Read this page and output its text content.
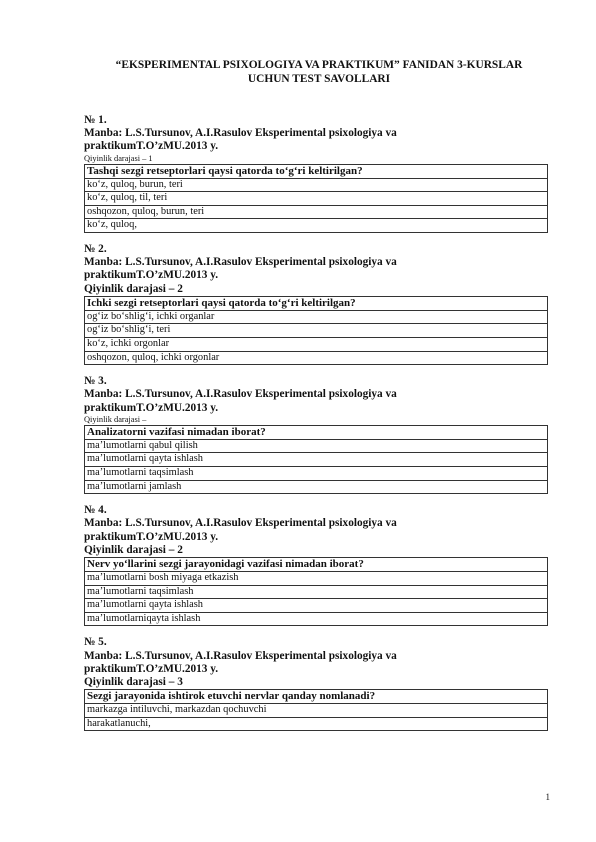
“EKSPERIMENTAL PSIXOLOGIYA VA PRAKTIKUM” FANIDAN 3-KURSLAR
UCHUN TEST SAVOLLARI
№ 1.
Manba: L.S.Tursunov, A.I.Rasulov Eksperimental psixologiya va
praktikumT.O’zMU.2013 y.
Qiyinlik darajasi – 1
Tashqi sezgi retseptorlari qaysi qatorda to‘g‘ri keltirilgan?
ko‘z, quloq, burun, teri
ko‘z, quloq, til, teri
oshqozon, quloq, burun, teri
ko‘z, quloq,
№ 2.
Manba: L.S.Tursunov, A.I.Rasulov Eksperimental psixologiya va
praktikumT.O’zMU.2013 y.
Qiyinlik darajasi – 2
Ichki sezgi retseptorlari qaysi qatorda to‘g‘ri keltirilgan?
og‘iz bo‘shlig‘i, ichki organlar
og‘iz bo‘shlig‘i, teri
ko‘z, ichki orgonlar
oshqozon, quloq, ichki orgonlar
№ 3.
Manba: L.S.Tursunov, A.I.Rasulov Eksperimental psixologiya va
praktikumT.O’zMU.2013 y.
Qiyinlik darajasi –
Analizatorni vazifasi nimadan iborat?
ma’lumotlarni qabul qilish
ma’lumotlarni qayta ishlash
ma’lumotlarni taqsimlash
ma’lumotlarni jamlash
№ 4.
Manba: L.S.Tursunov, A.I.Rasulov Eksperimental psixologiya va
praktikumT.O’zMU.2013 y.
Qiyinlik darajasi – 2
Nerv yo‘llarini sezgi jarayonidagi vazifasi nimadan iborat?
ma’lumotlarni bosh miyaga etkazish
ma’lumotlarni taqsimlash
ma’lumotlarni qayta ishlash
ma’lumotlarniqayta ishlash
№ 5.
Manba: L.S.Tursunov, A.I.Rasulov Eksperimental psixologiya va
praktikumT.O’zMU.2013 y.
Qiyinlik darajasi – 3
Sezgi jarayonida ishtirok etuvchi nervlar qanday nomlanadi?
markazga intiluvchi, markazdan qochuvchi
harakatlanuchi,
1
